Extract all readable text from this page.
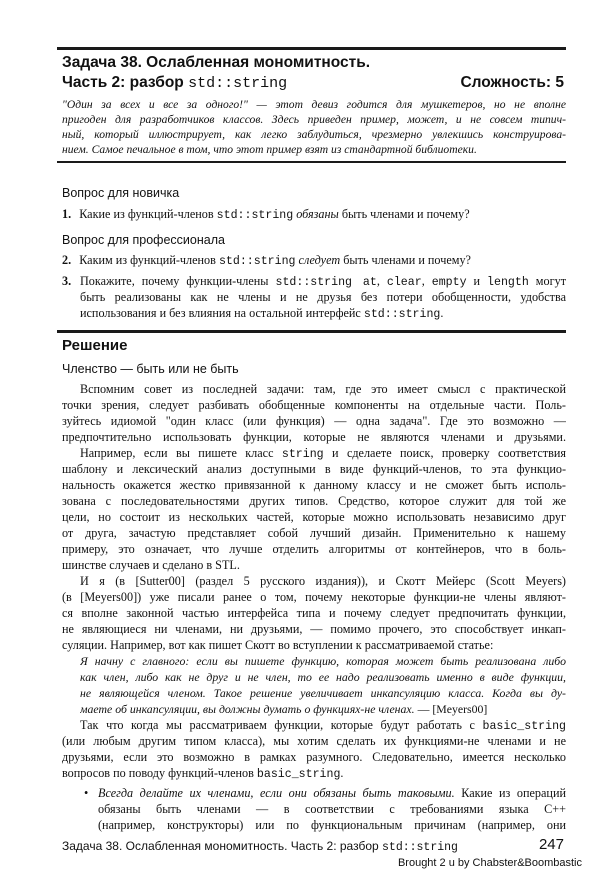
Задача 38. Ослабленная мономитность.
Часть 2: разбор std::string	Сложность: 5
"Один за всех и все за одного!" — этот девиз годится для мушкетеров, но не вполне
пригоден для разработчиков классов. Здесь приведен пример, может, и не совсем типич-
ный, который иллюстрирует, как легко заблудиться, чрезмерно увлекшись конструирова-
нием. Самое печальное в том, что этот пример взят из стандартной библиотеки.
Вопрос для новичка
1. Какие из функций-членов std::string обязаны быть членами и почему?
Вопрос для профессионала
2. Каким из функций-членов std::string следует быть членами и почему?
3. Покажите, почему функции-члены std::string at, clear, empty и length могут
быть реализованы как не члены и не друзья без потери обобщенности, удобства
использования и без влияния на остальной интерфейс std::string.
Решение
Членство — быть или не быть
Вспомним совет из последней задачи: там, где это имеет смысл с практической
точки зрения, следует разбивать обобщенные компоненты на отдельные части. Поль-
зуйтесь идиомой "один класс (или функция) — одна задача". Где это возможно —
предпочтительно использовать функции, которые не являются членами и друзьями.
Например, если вы пишете класс string и сделаете поиск, проверку соответствия
шаблону и лексический анализ доступными в виде функций-членов, то эта функцио-
нальность окажется жестко привязанной к данному классу и не сможет быть исполь-
зована с последовательностями других типов. Средство, которое служит для той же
цели, но состоит из нескольких частей, которые можно использовать независимо друг
от друга, зачастую представляет собой лучший дизайн. Применительно к нашему
примеру, это означает, что лучше отделить алгоритмы от контейнеров, что в боль-
шинстве случаев и сделано в STL.
И я (в [Sutter00] (раздел 5 русского издания)), и Скотт Мейерс (Scott Meyers)
(в [Meyers00]) уже писали ранее о том, почему некоторые функции-не члены являют-
ся вполне законной частью интерфейса типа и почему следует предпочитать функции,
не являющиеся ни членами, ни друзьями, — помимо прочего, это способствует инкап-
суляции. Например, вот как пишет Скотт во вступлении к рассматриваемой статье:
Я начну с главного: если вы пишете функцию, которая может быть реализована либо
как член, либо как не друг и не член, то ее надо реализовать именно в виде функции,
не являющейся членом. Такое решение увеличивает инкапсуляцию класса. Когда вы ду-
маете об инкапсуляции, вы должны думать о функциях-не членах. — [Meyers00]
Так что когда мы рассматриваем функции, которые будут работать с basic_string
(или любым другим типом класса), мы хотим сделать их функциями-не членами и не
друзьями, если это возможно в рамках разумного. Следовательно, имеется несколько
вопросов по поводу функций-членов basic_string.
• Всегда делайте их членами, если они обязаны быть таковыми. Какие из операций
обязаны быть членами — в соответствии с требованиями языка C++
(например, конструкторы) или по функциональным причинам (например, они
Задача 38. Ослабленная мономитность. Часть 2: разбор std::string	247
Brought 2 u by Chabster&Boombastic
